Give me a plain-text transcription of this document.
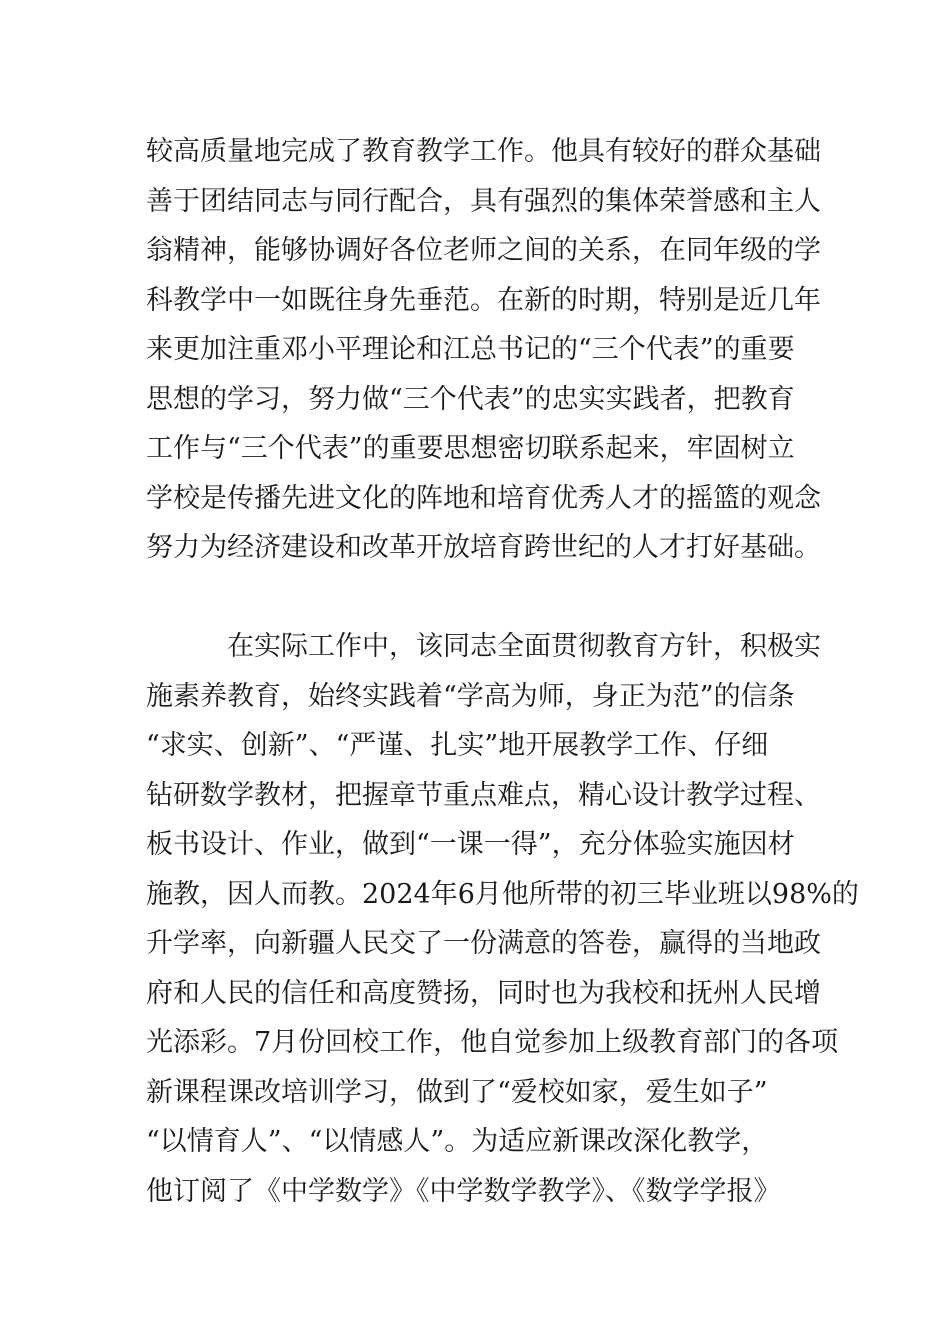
较高质量地完成了教育教学工作。他具有较好的群众基础
善于团结同志与同行配合，具有强烈的集体荣誉感和主人
翁精神，能够协调好各位老师之间的关系，在同年级的学
科教学中一如既往身先垂范。在新的时期，特别是近几年
来更加注重邓小平理论和江总书记的“三个代表”的重要
思想的学习，努力做“三个代表”的忠实实践者，把教育
工作与“三个代表”的重要思想密切联系起来，牢固树立
学校是传播先进文化的阵地和培育优秀人才的摇篮的观念
努力为经济建设和改革开放培育跨世纪的人才打好基础。
在实际工作中，该同志全面贯彻教育方针，积极实
施素养教育，始终实践着“学高为师，身正为范”的信条
“求实、创新”、“严谨、扎实”地开展教学工作、仔细
钻研数学教材，把握章节重点难点，精心设计教学过程、
板书设计、作业，做到“一课一得”，充分体验实施因材
施教，因人而教。2024年6月他所带的初三毕业班以98%的
升学率，向新疆人民交了一份满意的答卷，赢得的当地政
府和人民的信任和高度赞扬，同时也为我校和抚州人民增
光添彩。7月份回校工作，他自觉参加上级教育部门的各项
新课程课改培训学习，做到了“爱校如家，爱生如子”
“以情育人”、“以情感人”。为适应新课改深化教学，
他订阅了《中学数学》《中学数学教学》、《数学学报》
